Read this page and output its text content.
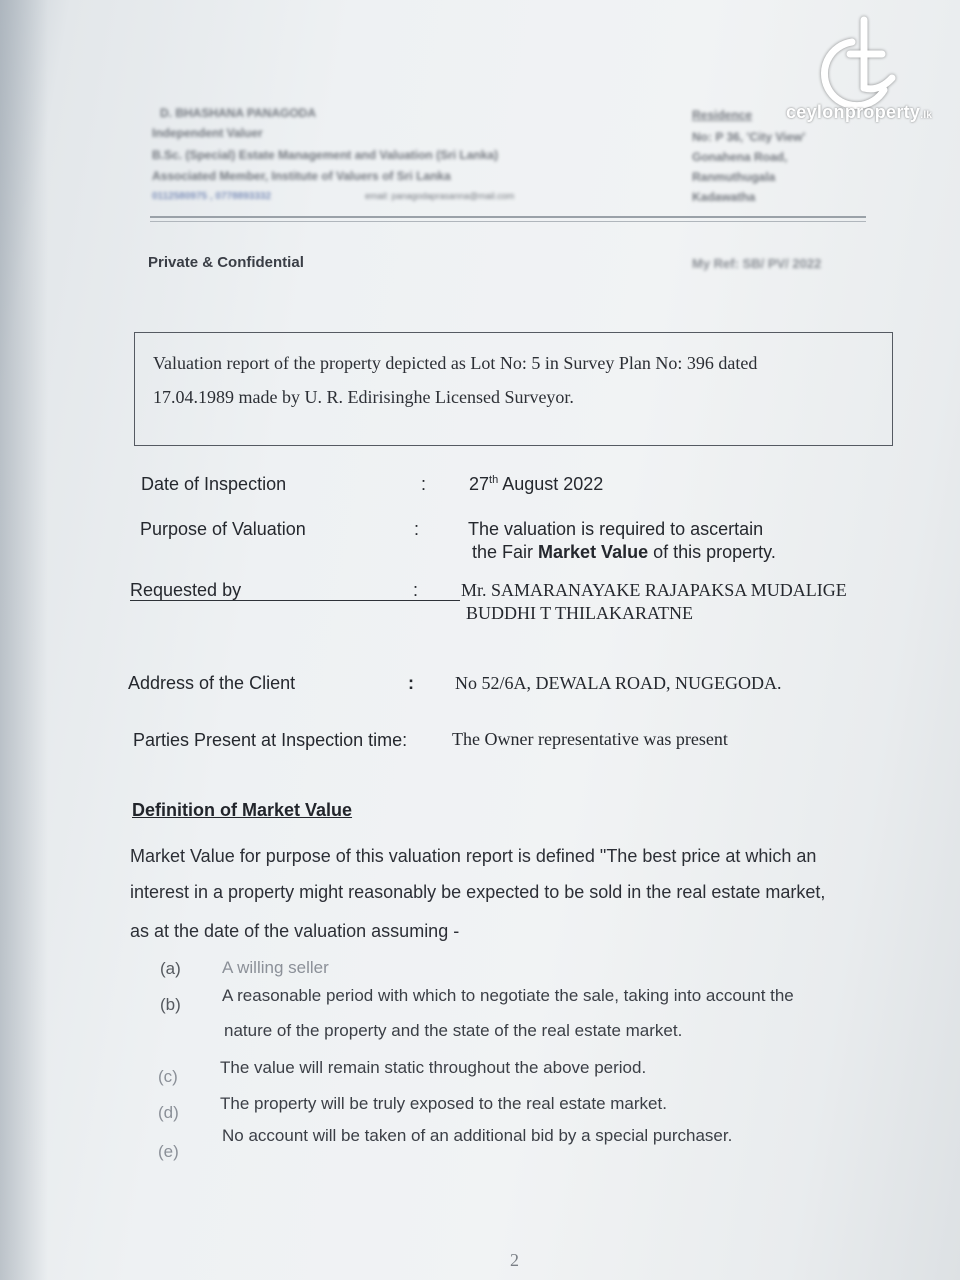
D. BHASHANA PANAGODA
Independent Valuer
B.Sc. (Special) Estate Management and Valuation (Sri Lanka)
Associated Member, Institute of Valuers of Sri Lanka
0112580975 , 0778893332	email: panagodaprasanna@mail.com
Residence
No: P 36, 'City View'
Gonahena Road,
Ranmuthugala
Kadawatha
Private & Confidential	My Ref: SB/ PV/ 2022

Valuation report of the property depicted as Lot No: 5 in Survey Plan No: 396 dated

17.04.1989 made by U. R. Edirisinghe Licensed Surveyor.

Date of Inspection	: 27th August 2022
Purpose of Valuation	:	The valuation is required to ascertain
the Fair Market Value of this property.
Requested by	: Mr. SAMARANAYAKE RAJAPAKSA MUDALIGE
BUDDHI T THILAKARATNE
Address of the Client	: No 52/6A, DEWALA ROAD, NUGEGODA.
Parties Present at Inspection time: The Owner representative was present
Definition of Market Value
Market Value for purpose of this valuation report is defined "The best price at which an
interest in a property might reasonably be expected to be sold in the real estate market,
as at the date of the valuation assuming -
(a) A willing seller
(b) A reasonable period with which to negotiate the sale, taking into account the
nature of the property and the state of the real estate market.
(c) The value will remain static throughout the above period.
(d) The property will be truly exposed to the real estate market.
(e)
No account will be taken of an additional bid by a special purchaser.
2
ceylonproperty.lk
